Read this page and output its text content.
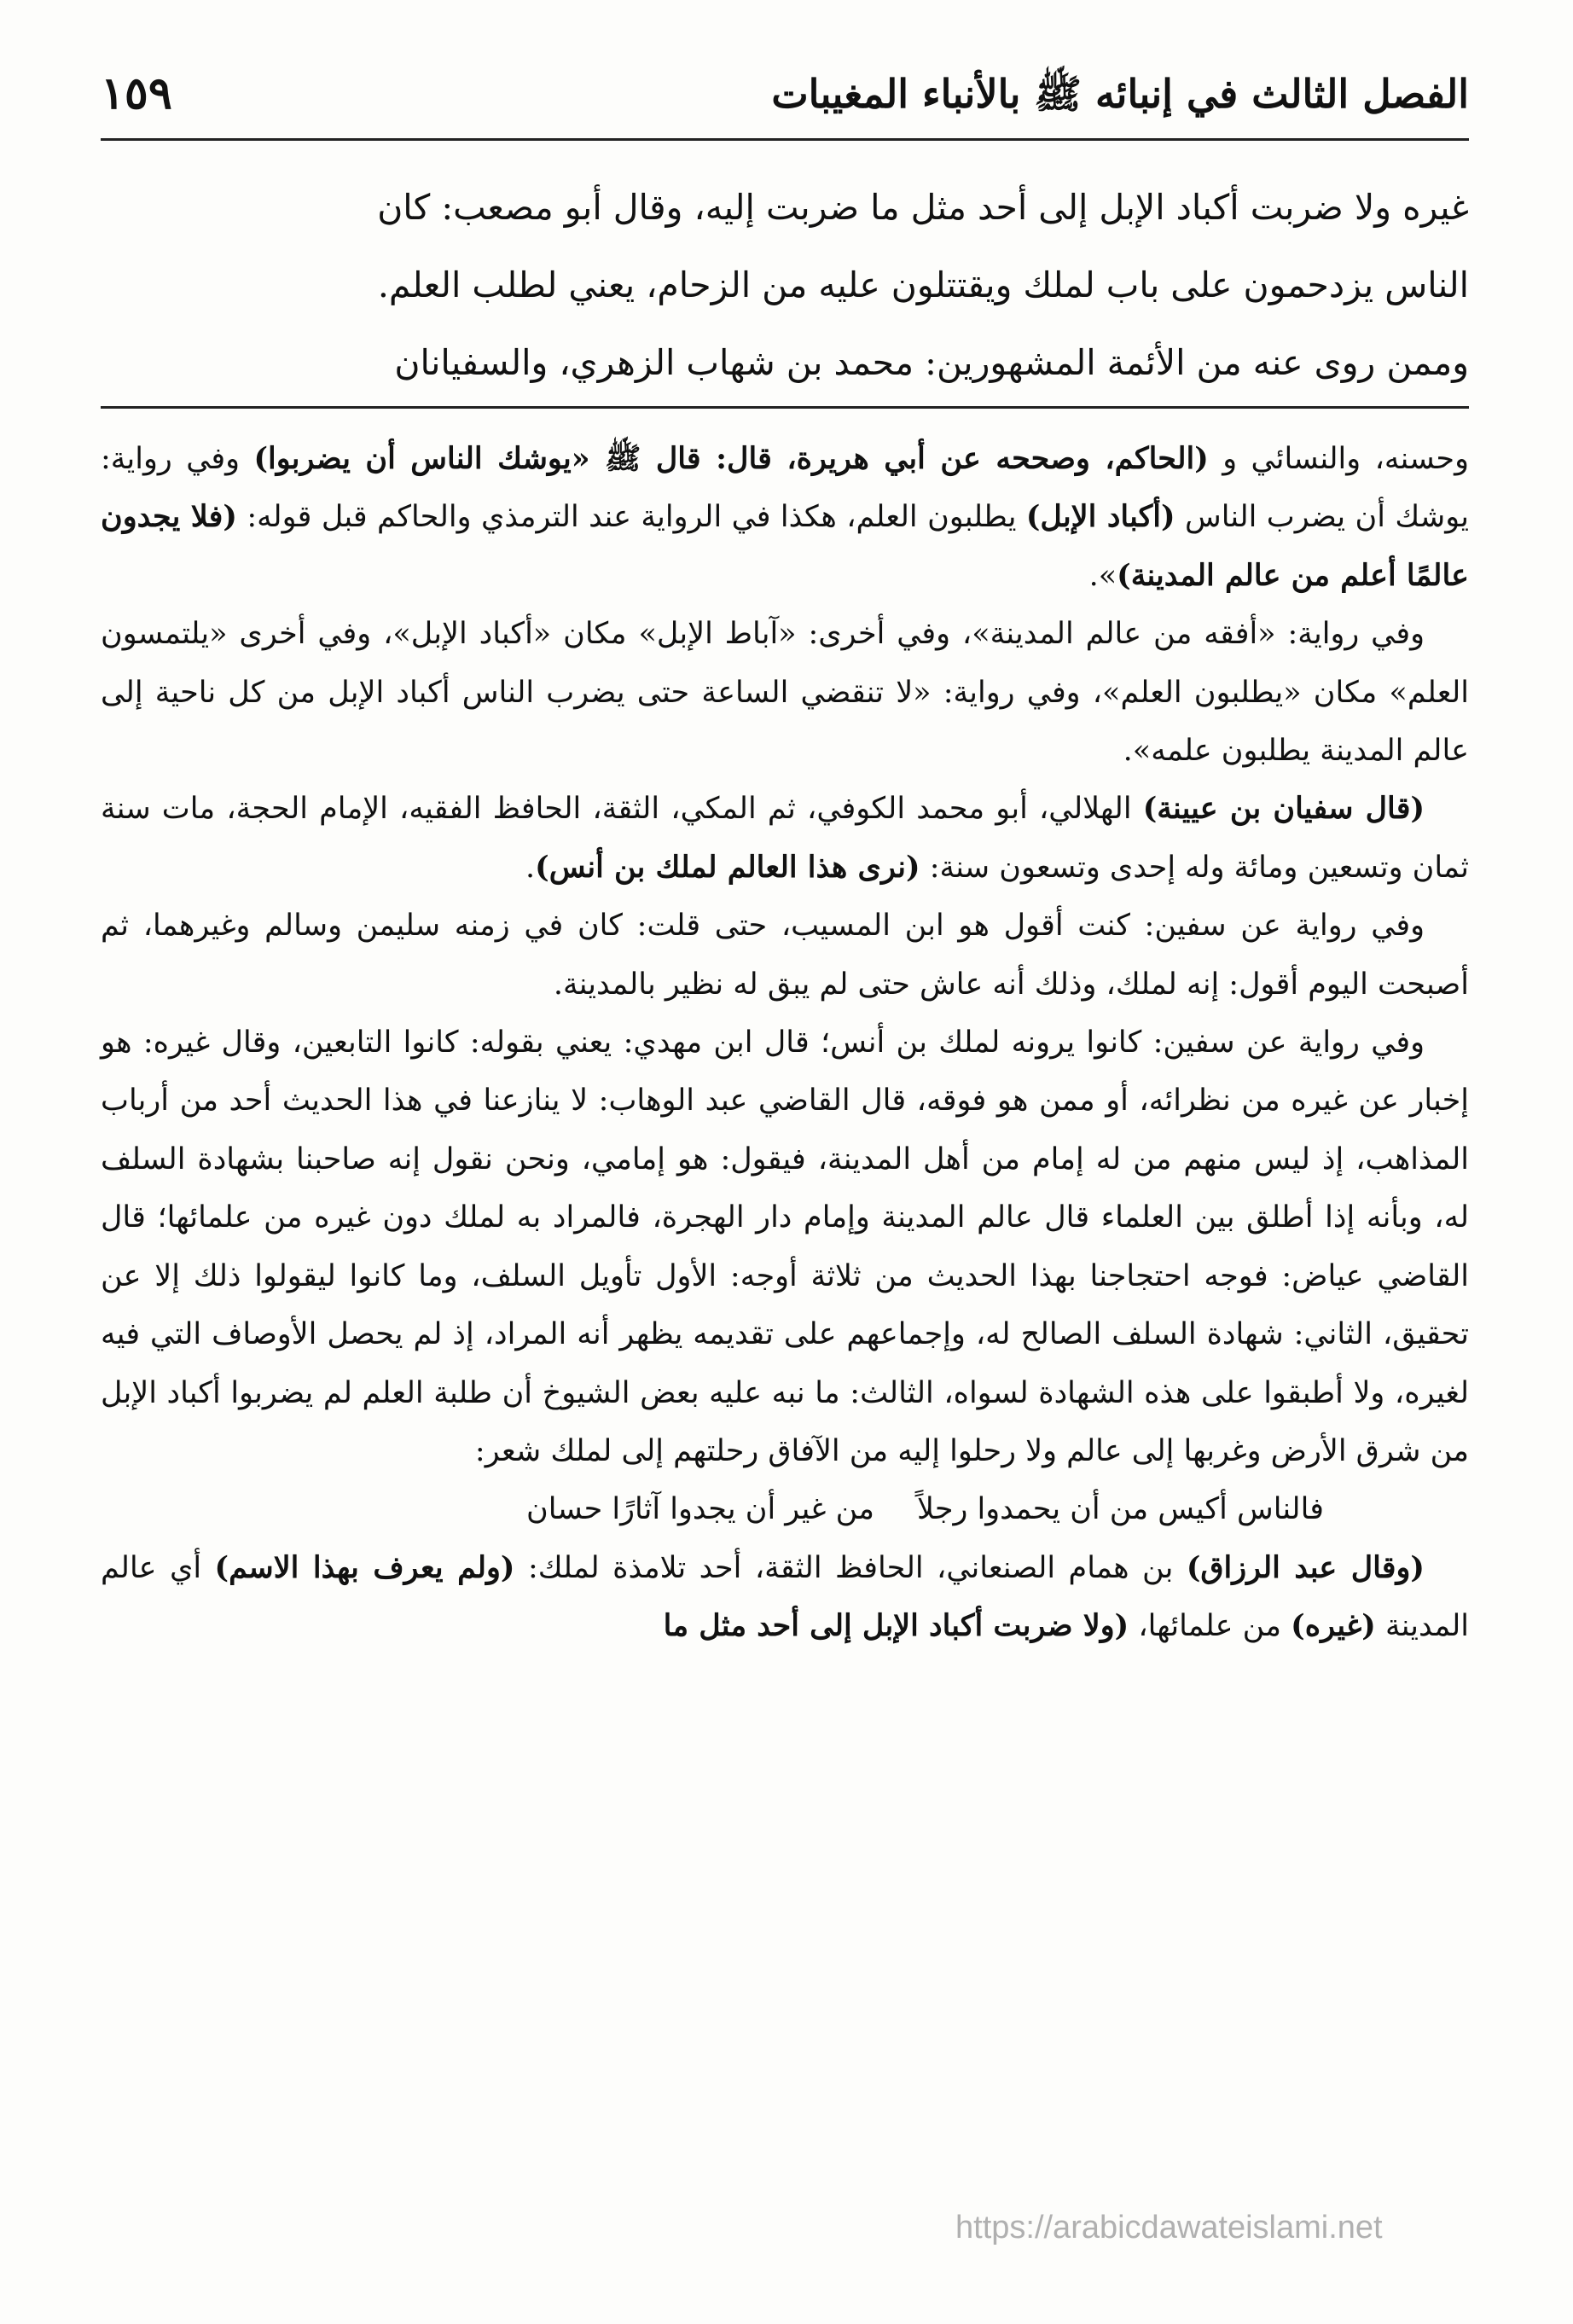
الفصل الثالث في إنبائه ﷺ بالأنباء المغيبات
١٥٩

غيره ولا ضربت أكباد الإبل إلى أحد مثل ما ضربت إليه، وقال أبو مصعب: كان

الناس يزدحمون على باب لملك ويقتتلون عليه من الزحام، يعني لطلب العلم.

وممن روى عنه من الأئمة المشهورين: محمد بن شهاب الزهري، والسفيانان

وحسنه، والنسائي و (الحاكم، وصححه عن أبي هريرة، قال: قال ﷺ «يوشك الناس أن يضربوا) وفي رواية: يوشك أن يضرب الناس (أكباد الإبل) يطلبون العلم، هكذا في الرواية عند الترمذي والحاكم قبل قوله: (فلا يجدون عالمًا أعلم من عالم المدينة)».

وفي رواية: «أفقه من عالم المدينة»، وفي أخرى: «آباط الإبل» مكان «أكباد الإبل»، وفي أخرى «يلتمسون العلم» مكان «يطلبون العلم»، وفي رواية: «لا تنقضي الساعة حتى يضرب الناس أكباد الإبل من كل ناحية إلى عالم المدينة يطلبون علمه».

(قال سفيان بن عيينة) الهلالي، أبو محمد الكوفي، ثم المكي، الثقة، الحافظ الفقيه، الإمام الحجة، مات سنة ثمان وتسعين ومائة وله إحدى وتسعون سنة: (نرى هذا العالم لملك بن أنس).

وفي رواية عن سفين: كنت أقول هو ابن المسيب، حتى قلت: كان في زمنه سليمن وسالم وغيرهما، ثم أصبحت اليوم أقول: إنه لملك، وذلك أنه عاش حتى لم يبق له نظير بالمدينة.

وفي رواية عن سفين: كانوا يرونه لملك بن أنس؛ قال ابن مهدي: يعني بقوله: كانوا التابعين، وقال غيره: هو إخبار عن غيره من نظرائه، أو ممن هو فوقه، قال القاضي عبد الوهاب: لا ينازعنا في هذا الحديث أحد من أرباب المذاهب، إذ ليس منهم من له إمام من أهل المدينة، فيقول: هو إمامي، ونحن نقول إنه صاحبنا بشهادة السلف له، وبأنه إذا أطلق بين العلماء قال عالم المدينة وإمام دار الهجرة، فالمراد به لملك دون غيره من علمائها؛ قال القاضي عياض: فوجه احتجاجنا بهذا الحديث من ثلاثة أوجه: الأول تأويل السلف، وما كانوا ليقولوا ذلك إلا عن تحقيق، الثاني: شهادة السلف الصالح له، وإجماعهم على تقديمه يظهر أنه المراد، إذ لم يحصل الأوصاف التي فيه لغيره، ولا أطبقوا على هذه الشهادة لسواه، الثالث: ما نبه عليه بعض الشيوخ أن طلبة العلم لم يضربوا أكباد الإبل من شرق الأرض وغربها إلى عالم ولا رحلوا إليه من الآفاق رحلتهم إلى لملك شعر:

فالناس أكيس من أن يحمدوا رجلاً
من غير أن يجدوا آثارًا حسان

(وقال عبد الرزاق) بن همام الصنعاني، الحافظ الثقة، أحد تلامذة لملك: (ولم يعرف بهذا الاسم) أي عالم المدينة (غيره) من علمائها، (ولا ضربت أكباد الإبل إلى أحد مثل ما

https://arabicdawateislami.net
